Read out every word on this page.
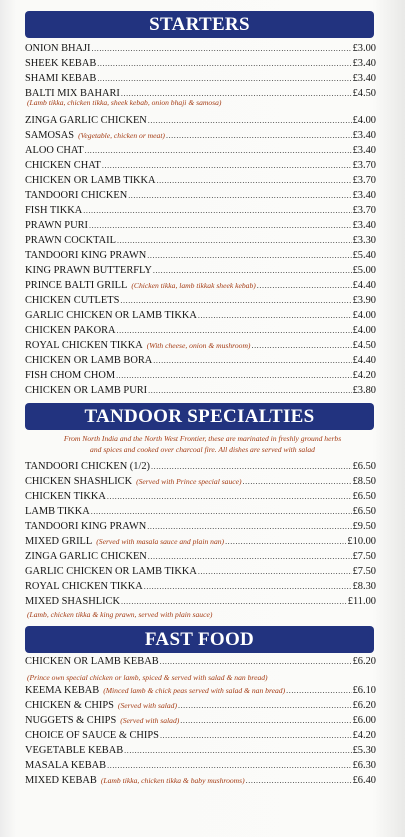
STARTERS
ONION BHAJI .....	£3.00
SHEEK KEBAB .....	£3.40
SHAMI KEBAB .....	£3.40
BALTI MIX BAHARI .....	£4.50
ZINGA GARLIC CHICKEN .....	£4.00
SAMOSAS (Vegetable, chicken or meat) .....	£3.40
ALOO CHAT .....	£3.40
CHICKEN CHAT .....	£3.70
CHICKEN OR LAMB TIKKA .....	£3.70
TANDOORI CHICKEN .....	£3.40
FISH TIKKA .....	£3.70
PRAWN PURI .....	£3.40
PRAWN COCKTAIL .....	£3.30
TANDOORI KING PRAWN .....	£5.40
KING PRAWN BUTTERFLY .....	£5.00
PRINCE BALTI GRILL (Chicken tikka, lamb tikkak sheek kebab) .....	£4.40
CHICKEN CUTLETS .....	£3.90
GARLIC CHICKEN OR LAMB TIKKA .....	£4.00
CHICKEN PAKORA .....	£4.00
ROYAL CHICKEN TIKKA (With cheese, onion & mushroom) .....	£4.50
CHICKEN OR LAMB BORA .....	£4.40
FISH CHOM CHOM .....	£4.20
CHICKEN OR LAMB PURI .....	£3.80
(Lamb tikka, chicken tikka, sheek kebab, onion bhaji & samosa)
TANDOOR SPECIALTIES
From North India and the North West Frontier, these are marinated in freshly ground herbs
and spices and cooked over charcoal fire. All dishes are served with salad
TANDOORI CHICKEN (1/2) .....	£6.50
CHICKEN SHASHLICK (Served with Prince special sauce) .....	£8.50
CHICKEN TIKKA .....	£6.50
LAMB TIKKA .....	£6.50
TANDOORI KING PRAWN .....	£9.50
MIXED GRILL (Served with masala sauce and plain nan) .....	£10.00
ZINGA GARLIC CHICKEN .....	£7.50
GARLIC CHICKEN OR LAMB TIKKA .....	£7.50
ROYAL CHICKEN TIKKA .....	£8.30
MIXED SHASHLICK .....	£11.00
(Lamb, chicken tikka & king prawn, served with plain sauce)
FAST FOOD
CHICKEN OR LAMB KEBAB .....	£6.20
KEEMA KEBAB (Minced lamb & chick peas served with salad & nan bread) .....	£6.10
CHICKEN & CHIPS (Served with salad) .....	£6.20
NUGGETS & CHIPS (Served with salad) .....	£6.00
CHOICE OF SAUCE & CHIPS .....	£4.20
VEGETABLE KEBAB .....	£5.30
MASALA KEBAB .....	£6.30
MIXED KEBAB (Lamb tikka, chicken tikka & baby mushrooms) .....	£6.40
(Prince own special chicken or lamb, spiced & served with salad & nan bread)
